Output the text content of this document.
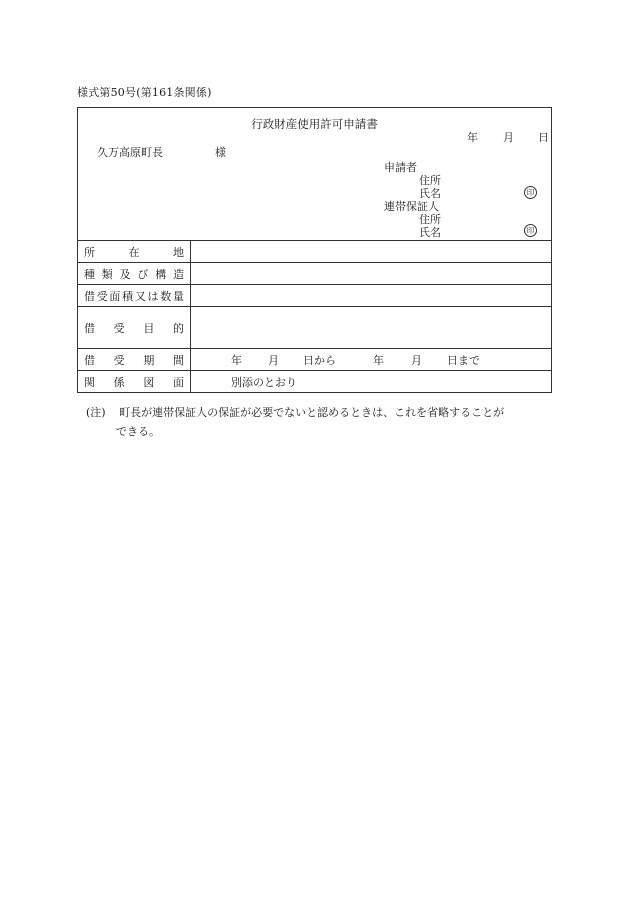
様式第50号(第161条関係)
行政財産使用許可申請書
年 月 日
久万高原町長	様
申請者
住所
氏名	印
連帯保証人
住所
氏名	印
所	在	地
種 類 及 び 構 造
借 受 面 積 又 は 数 量
借 受 目 的
借 受 期 間	年 月 日から	年 月 日まで
関 係 図 面	別添のとおり
(注) 町長が連帯保証人の保証が必要でないと認めるときは、これを省略することが
できる。
